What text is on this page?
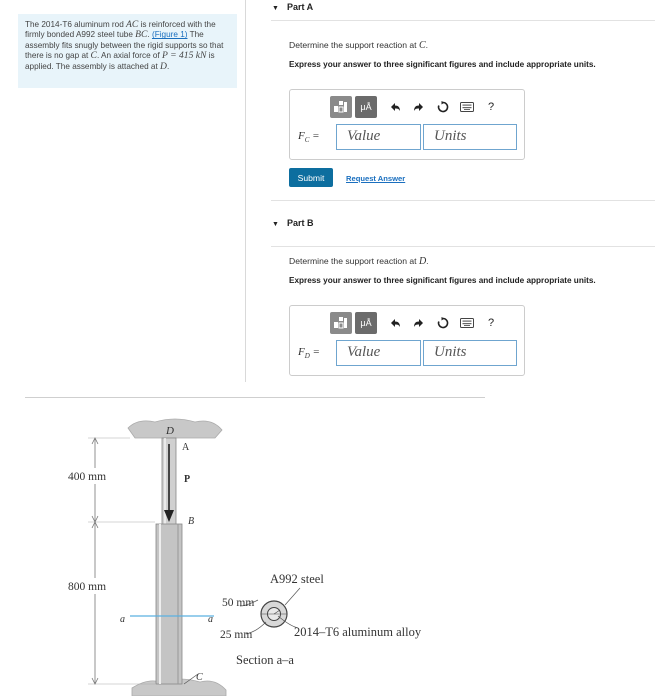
The 2014-T6 aluminum rod AC is reinforced with the firmly bonded A992 steel tube BC. (Figure 1) The assembly fits snugly between the rigid supports so that there is no gap at C. An axial force of P = 415 kN is applied. The assembly is attached at D.
▼ Part A
Determine the support reaction at C.
Express your answer to three significant figures and include appropriate units.
μÅ	?
$F_C$ =	Value	Units
Submit	Request Answer
▼ Part B
Determine the support reaction at D.
Express your answer to three significant figures and include appropriate units.
μÅ	?
$F_D$ =	Value	Units
D
A
P
B
C
400 mm
800 mm
a	a
A992 steel
50 mm
25 mm	2014–T6 aluminum alloy
Section a–a
